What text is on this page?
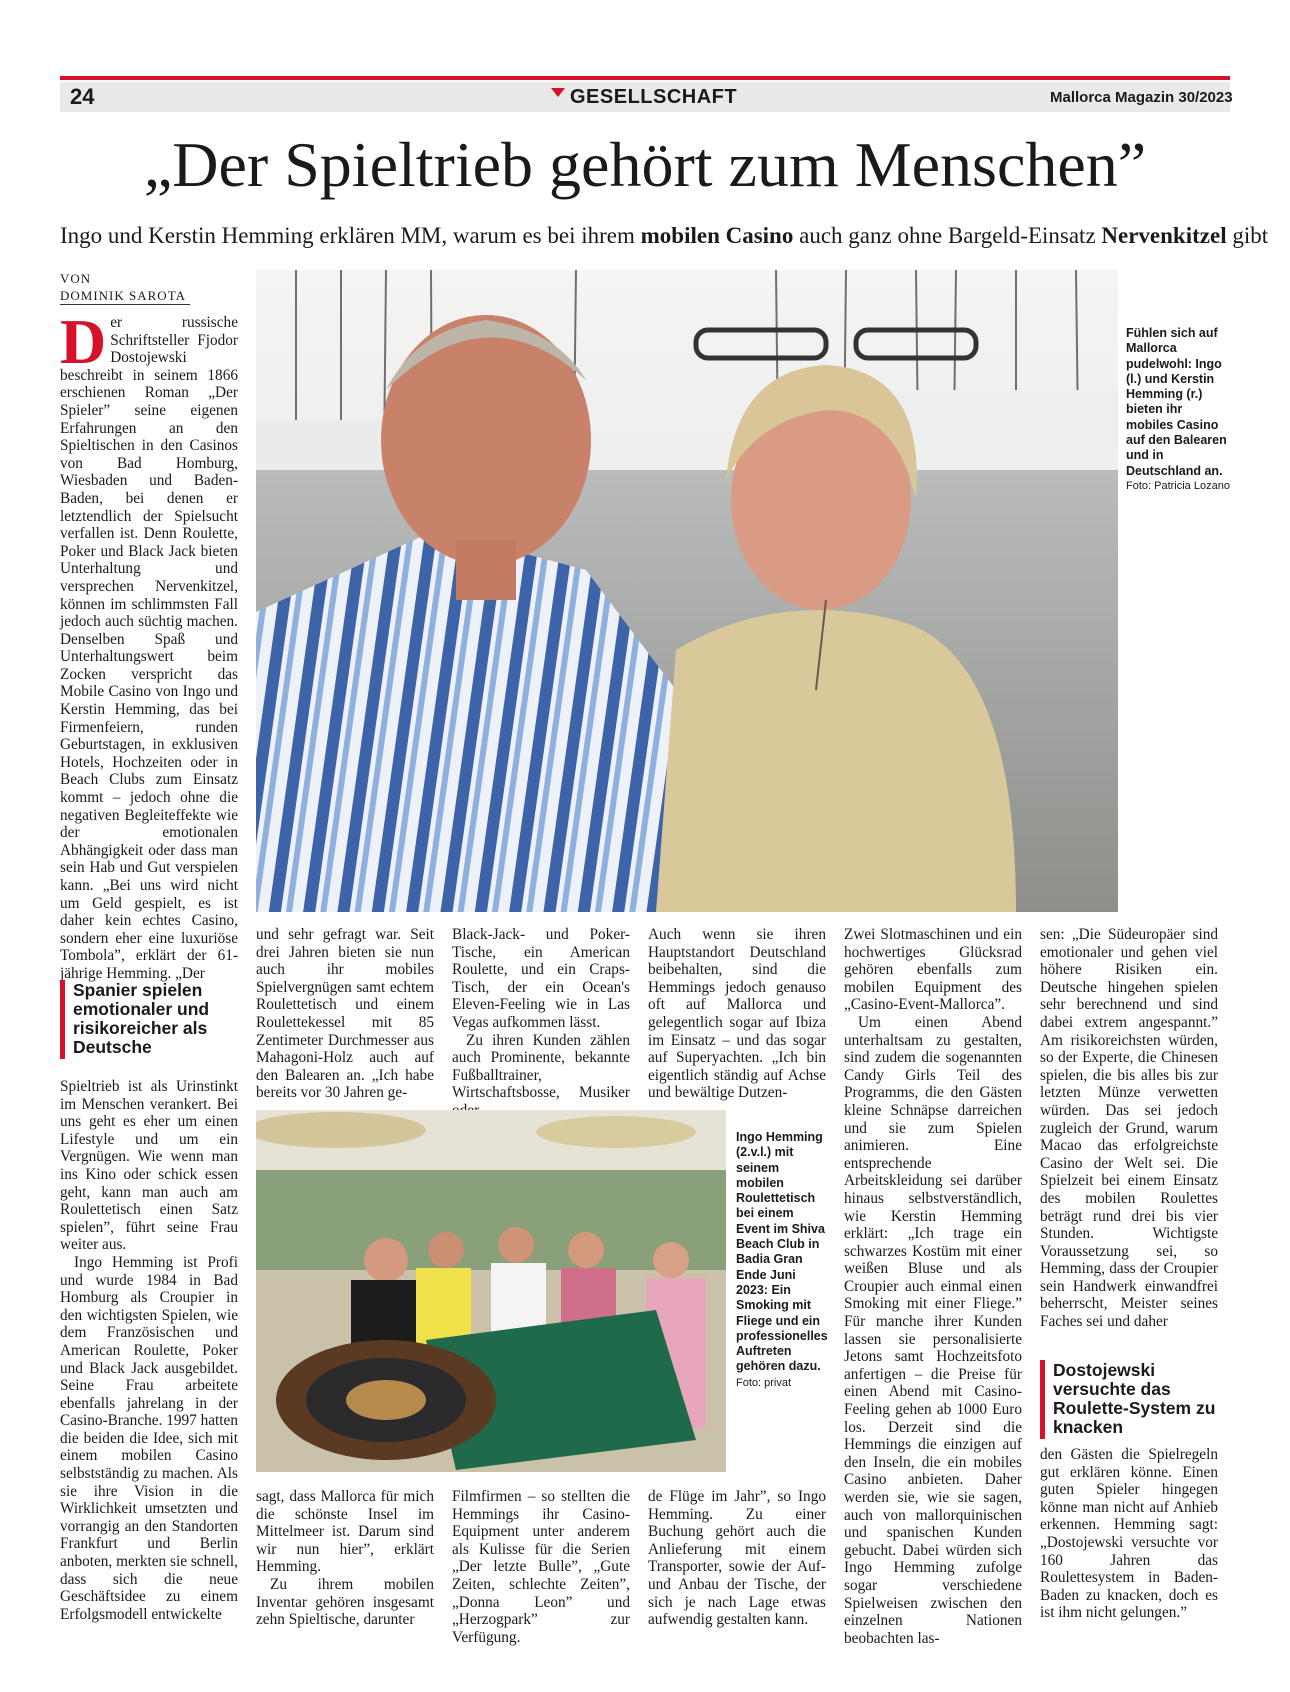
24	GESELLSCHAFT	Mallorca Magazin 30/2023
„Der Spieltrieb gehört zum Menschen”
Ingo und Kerstin Hemming erklären MM, warum es bei ihrem mobilen Casino auch ganz ohne Bargeld-Einsatz Nervenkitzel gibt
VON
DOMINIK SAROTA

Der russische Schriftsteller Fjodor Dostojewski beschreibt in seinem 1866 erschienen Roman „Der Spieler” seine eigenen Erfahrungen an den Spieltischen in den Casinos von Bad Homburg, Wiesbaden und Baden-Baden, bei denen er letztendlich der Spielsucht verfallen ist. Denn Roulette, Poker und Black Jack bieten Unterhaltung und versprechen Nervenkitzel, können im schlimmsten Fall jedoch auch süchtig machen. Denselben Spaß und Unterhaltungswert beim Zocken verspricht das Mobile Casino von Ingo und Kerstin Hemming, das bei Firmenfeiern, runden Geburtstagen, in exklusiven Hotels, Hochzeiten oder in Beach Clubs zum Einsatz kommt – jedoch ohne die negativen Begleiteffekte wie der emotionalen Abhängigkeit oder dass man sein Hab und Gut verspielen kann. „Bei uns wird nicht um Geld gespielt, es ist daher kein echtes Casino, sondern eher eine luxuriöse Tombola”, erklärt der 61-jährige Hemming. „Der

Spanier spielen emotionaler und risikoreicher als Deutsche

Spieltrieb ist als Urinstinkt im Menschen verankert. Bei uns geht es eher um einen Lifestyle und um ein Vergnügen. Wie wenn man ins Kino oder schick essen geht, kann man auch am Roulettetisch einen Satz spielen”, führt seine Frau weiter aus.

Ingo Hemming ist Profi und wurde 1984 in Bad Homburg als Croupier in den wichtigsten Spielen, wie dem Französischen und American Roulette, Poker und Black Jack ausgebildet. Seine Frau arbeitete ebenfalls jahrelang in der Casino-Branche. 1997 hatten die beiden die Idee, sich mit einem mobilen Casino selbstständig zu machen. Als sie ihre Vision in die Wirklichkeit umsetzten und vorrangig an den Standorten Frankfurt und Berlin anboten, merkten sie schnell, dass sich die neue Geschäftsidee zu einem Erfolgsmodell entwickelte

Fühlen sich auf Mallorca pudelwohl: Ingo (l.) und Kerstin Hemming (r.) bieten ihr mobiles Casino auf den Balearen und in Deutschland an.
Foto: Patricia Lozano

und sehr gefragt war. Seit drei Jahren bieten sie nun auch ihr mobiles Spielvergnügen samt echtem Roulettetisch und einem Roulettekessel mit 85 Zentimeter Durchmesser aus Mahagoni-Holz auch auf den Balearen an. „Ich habe bereits vor 30 Jahren ge-

sagt, dass Mallorca für mich die schönste Insel im Mittelmeer ist. Darum sind wir nun hier”, erklärt Hemming.

Zu ihrem mobilen Inventar gehören insgesamt zehn Spieltische, darunter

Black-Jack- und Poker-Tische, ein American Roulette, und ein Craps-Tisch, der ein Ocean's Eleven-Feeling wie in Las Vegas aufkommen lässt.

Zu ihren Kunden zählen auch Prominente, bekannte Fußballtrainer, Wirtschaftsbosse, Musiker

Filmfirmen – so stellten die Hemmings ihr Casino-Equipment unter anderem als Kulisse für die Serien „Der letzte Bulle”, „Gute Zeiten, schlechte Zeiten”, „Donna Leon” und „Herzogpark” zur Verfügung.

Auch wenn sie ihren Hauptstandort Deutschland beibehalten, sind die Hemmings jedoch genauso oft auf Mallorca und gelegentlich sogar auf Ibiza im Einsatz – und das sogar auf Superyachten. „Ich bin eigentlich ständig auf Achse und bewältige Dutzen-

de Flüge im Jahr”, so Ingo Hemming. Zu einer Buchung gehört auch die Anlieferung mit einem Transporter, sowie der Auf- und Anbau der Tische, der sich je nach Lage etwas aufwendig gestalten kann.

Ingo Hemming (2.v.l.) mit seinem mobilen Roulettetisch bei einem Event im Shiva Beach Club in Badia Gran Ende Juni 2023: Ein Smoking mit Fliege und ein professionelles Auftreten gehören dazu. Foto: privat

Zwei Slotmaschinen und ein hochwertiges Glücksrad gehören ebenfalls zum mobilen Equipment des „Casino-Event-Mallorca”.

Um einen Abend unterhaltsam zu gestalten, sind zudem die sogenannten Candy Girls Teil des Programms, die den Gästen kleine Schnäpse darreichen und sie zum Spielen animieren. Eine entsprechende Arbeitskleidung sei darüber hinaus selbstverständlich, wie Kerstin Hemming erklärt: „Ich trage ein schwarzes Kostüm mit einer weißen Bluse und als Croupier auch einmal einen Smoking mit einer Fliege.” Für manche ihrer Kunden lassen sie personalisierte Jetons samt Hochzeitsfoto anfertigen – die Preise für einen Abend mit Casino-Feeling gehen ab 1000 Euro los. Derzeit sind die Hemmings die einzigen auf den Inseln, die ein mobiles Casino anbieten. Daher werden sie, wie sie sagen, auch von mallorquinischen und spanischen Kunden gebucht. Dabei würden sich Ingo Hemming zufolge sogar verschiedene Spielweisen zwischen den einzelnen Nationen beobachten las-

sen: „Die Südeuropäer sind emotionaler und gehen viel höhere Risiken ein. Deutsche hingehen spielen sehr berechnend und sind dabei extrem angespannt.” Am risikoreichsten würden, so der Experte, die Chinesen spielen, die bis alles bis zur letzten Münze verwetten würden. Das sei jedoch zugleich der Grund, warum Macao das erfolgreichste Casino der Welt sei. Die Spielzeit bei einem Einsatz des mobilen Roulettes beträgt rund drei bis vier Stunden. Wichtigste Voraussetzung sei, so Hemming, dass der Croupier sein Handwerk einwandfrei beherrscht, Meister seines Faches sei und daher

Dostojewski versuchte das Roulette-System zu knacken

den Gästen die Spielregeln gut erklären könne. Einen guten Spieler hingegen könne man nicht auf Anhieb erkennen. Hemming sagt: „Dostojewski versuchte vor 160 Jahren das Roulettesystem in Baden-Baden zu knacken, doch es ist ihm nicht gelungen.”
